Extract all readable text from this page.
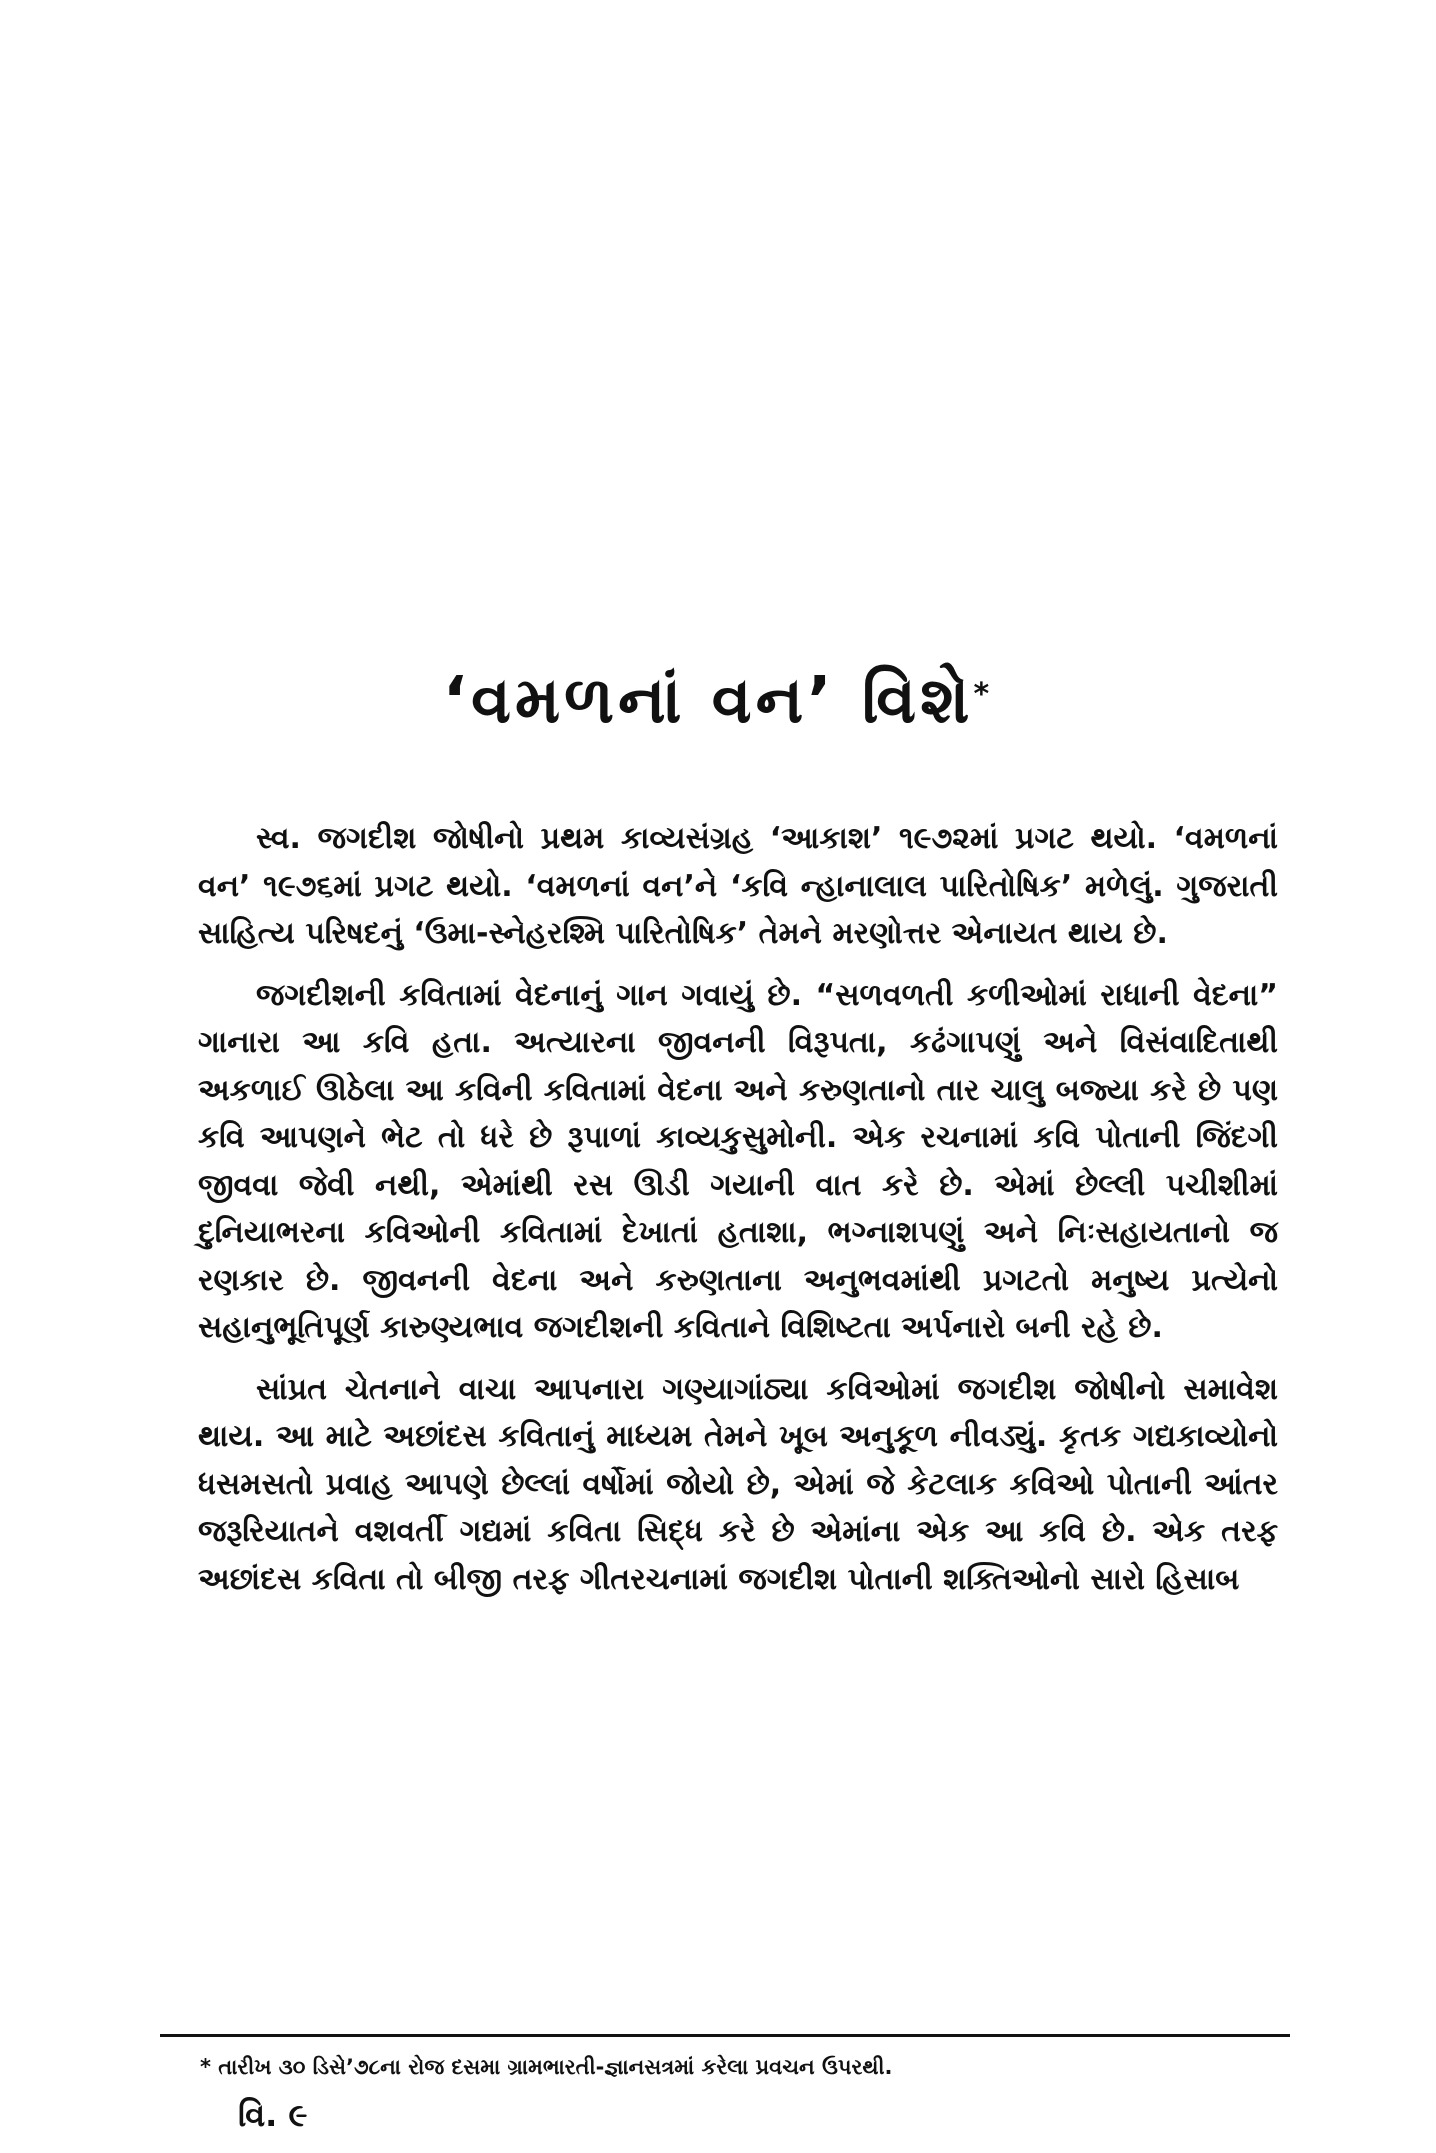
‘વમળનાં વન’ વિશે*

સ્વ. જગદીશ જોષીનો પ્રથમ કાવ્યસંગ્રહ ‘આકાશ’ ૧૯૭૨માં પ્રગટ થયો. ‘વમળનાં વન’ ૧૯૭૬માં પ્રગટ થયો. ‘વમળનાં વન’ને ‘કવિ ન્હાનાલાલ પારિતોષિક’ મળેલું. ગુજરાતી સાહિત્ય પરિષદનું ‘ઉમા-સ્નેહરશ્મિ પારિતોષિક’ તેમને મરણોત્તર એનાયત થાય છે.

જગદીશની કવિતામાં વેદનાનું ગાન ગવાયું છે. “સળવળતી કળીઓમાં રાધાની વેદના” ગાનારા આ કવિ હતા. અત્યારના જીવનની વિરૂપતા, કઢંગાપણું અને વિસંવાદિતાથી અકળાઈ ઊઠેલા આ કવિની કવિતામાં વેદના અને કરુણતાનો તાર ચાલુ બજ્યા કરે છે પણ કવિ આપણને ભેટ તો ધરે છે રૂપાળાં કાવ્યકુસુમોની. એક રચનામાં કવિ પોતાની જિંદગી જીવવા જેવી નથી, એમાંથી રસ ઊડી ગયાની વાત કરે છે. એમાં છેલ્લી પચીશીમાં દુનિયાભરના કવિઓની કવિતામાં દેખાતાં હતાશા, ભગ્નાશપણું અને નિઃસહાયતાનો જ રણકાર છે. જીવનની વેદના અને કરુણતાના અનુભવમાંથી પ્રગટતો મનુષ્ય પ્રત્યેનો સહાનુભૂતિપૂર્ણ કારુણ્યભાવ જગદીશની કવિતાને વિશિષ્ટતા અર્પનારો બની રહે છે.

સાંપ્રત ચેતનાને વાચા આપનારા ગણ્યાગાંઠ્યા કવિઓમાં જગદીશ જોષીનો સમાવેશ થાય. આ માટે અછાંદસ કવિતાનું માધ્યમ તેમને ખૂબ અનુકૂળ નીવડ્યું. કૃતક ગદ્યકાવ્યોનો ધસમસતો પ્રવાહ આપણે છેલ્લાં વર્ષોમાં જોયો છે, એમાં જે કેટલાક કવિઓ પોતાની આંતર જરૂરિયાતને વશવર્તી ગદ્યમાં કવિતા સિદ્ધ કરે છે એમાંના એક આ કવિ છે. એક તરફ અછાંદસ કવિતા તો બીજી તરફ ગીતરચનામાં જગદીશ પોતાની શક્તિઓનો સારો હિસાબ

* તારીખ ૩૦ ડિસે’૭૮ના રોજ દસમા ગ્રામભારતી-જ્ઞાનસત્રમાં કરેલા પ્રવચન ઉપરથી.
વિ. ૯
